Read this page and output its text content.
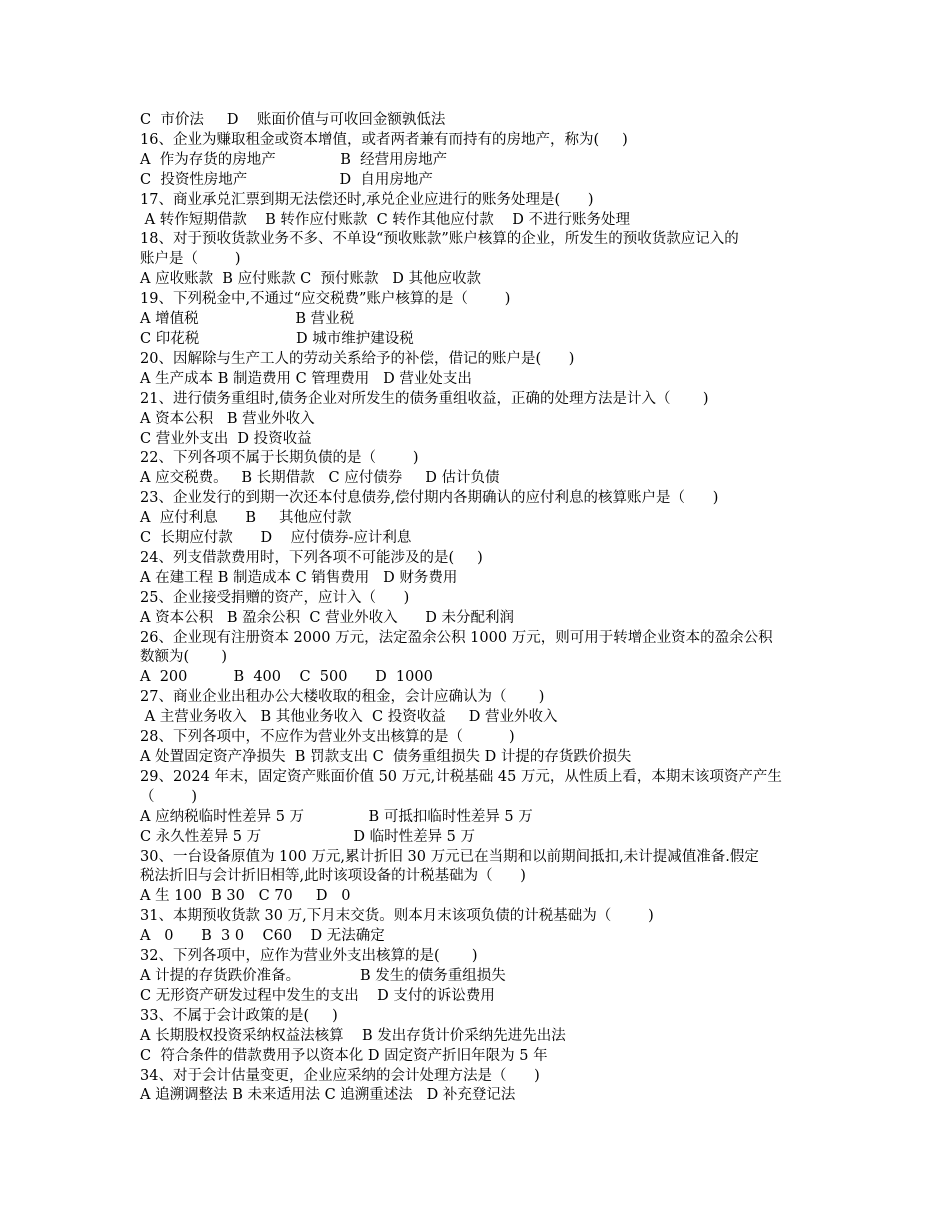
C  市价法     D    账面价值与可收回金额孰低法
16、企业为赚取租金或资本增值，或者两者兼有而持有的房地产，称为(     )
A  作为存货的房地产              B  经营用房地产
C  投资性房地产                    D  自用房地产
17、商业承兑汇票到期无法偿还时,承兑企业应进行的账务处理是(      )
A 转作短期借款    B 转作应付账款  C 转作其他应付款    D 不进行账务处理
18、对于预收货款业务不多、不单设“预收账款”账户核算的企业，所发生的预收货款应记入的
账户是（        )
A 应收账款  B 应付账款 C  预付账款   D 其他应收款
19、下列税金中,不通过“应交税费”账户核算的是（        )
A 增值税                     B 营业税
C 印花税                     D 城市维护建设税
20、因解除与生产工人的劳动关系给予的补偿，借记的账户是(      )
A 生产成本 B 制造费用 C 管理费用   D 营业处支出
21、进行债务重组时,债务企业对所发生的债务重组收益，正确的处理方法是计入（       )
A 资本公积   B 营业外收入
C 营业外支出  D 投资收益
22、下列各项不属于长期负债的是（        )
A 应交税费。   B 长期借款   C 应付债券     D 估计负债
23、企业发行的到期一次还本付息债券,偿付期内各期确认的应付利息的核算账户是（      )
A  应付利息      B     其他应付款
C  长期应付款      D    应付债券-应计利息
24、列支借款费用时，下列各项不可能涉及的是(     )
A 在建工程 B 制造成本 C 销售费用   D 财务费用
25、企业接受捐赠的资产，应计入（      )
A 资本公积   B 盈余公积  C 营业外收入      D 未分配利润
26、企业现有注册资本 2000 万元，法定盈余公积 1000 万元，则可用于转增企业资本的盈余公积
数额为(       )
A  200          B  400    C  500      D  1000
27、商业企业出租办公大楼收取的租金，会计应确认为（       )
A 主营业务收入   B 其他业务收入  C 投资收益     D 营业外收入
28、下列各项中，不应作为营业外支出核算的是（          )
A 处置固定资产净损失  B 罚款支出 C  债务重组损失 D 计提的存货跌价损失
29、2024 年末，固定资产账面价值 50 万元,计税基础 45 万元，从性质上看，本期末该项资产产生
（        )
A 应纳税临时性差异 5 万              B 可抵扣临时性差异 5 万
C 永久性差异 5 万                    D 临时性差异 5 万
30、一台设备原值为 100 万元,累计折旧 30 万元已在当期和以前期间抵扣,未计提减值准备.假定
税法折旧与会计折旧相等,此时该项设备的计税基础为（      )
A 生 100  B 30   C 70     D   0
31、本期预收货款 30 万,下月末交货。则本月末该项负债的计税基础为（        )
A   0      B  3 0    C60    D 无法确定
32、下列各项中，应作为营业外支出核算的是(       )
A 计提的存货跌价准备。             B 发生的债务重组损失
C 无形资产研发过程中发生的支出    D 支付的诉讼费用
33、不属于会计政策的是(     )
A 长期股权投资采纳权益法核算    B 发出存货计价采纳先进先出法
C  符合条件的借款费用予以资本化 D 固定资产折旧年限为 5 年
34、对于会计估量变更，企业应采纳的会计处理方法是（      )
A 追溯调整法 B 未来适用法 C 追溯重述法   D 补充登记法
